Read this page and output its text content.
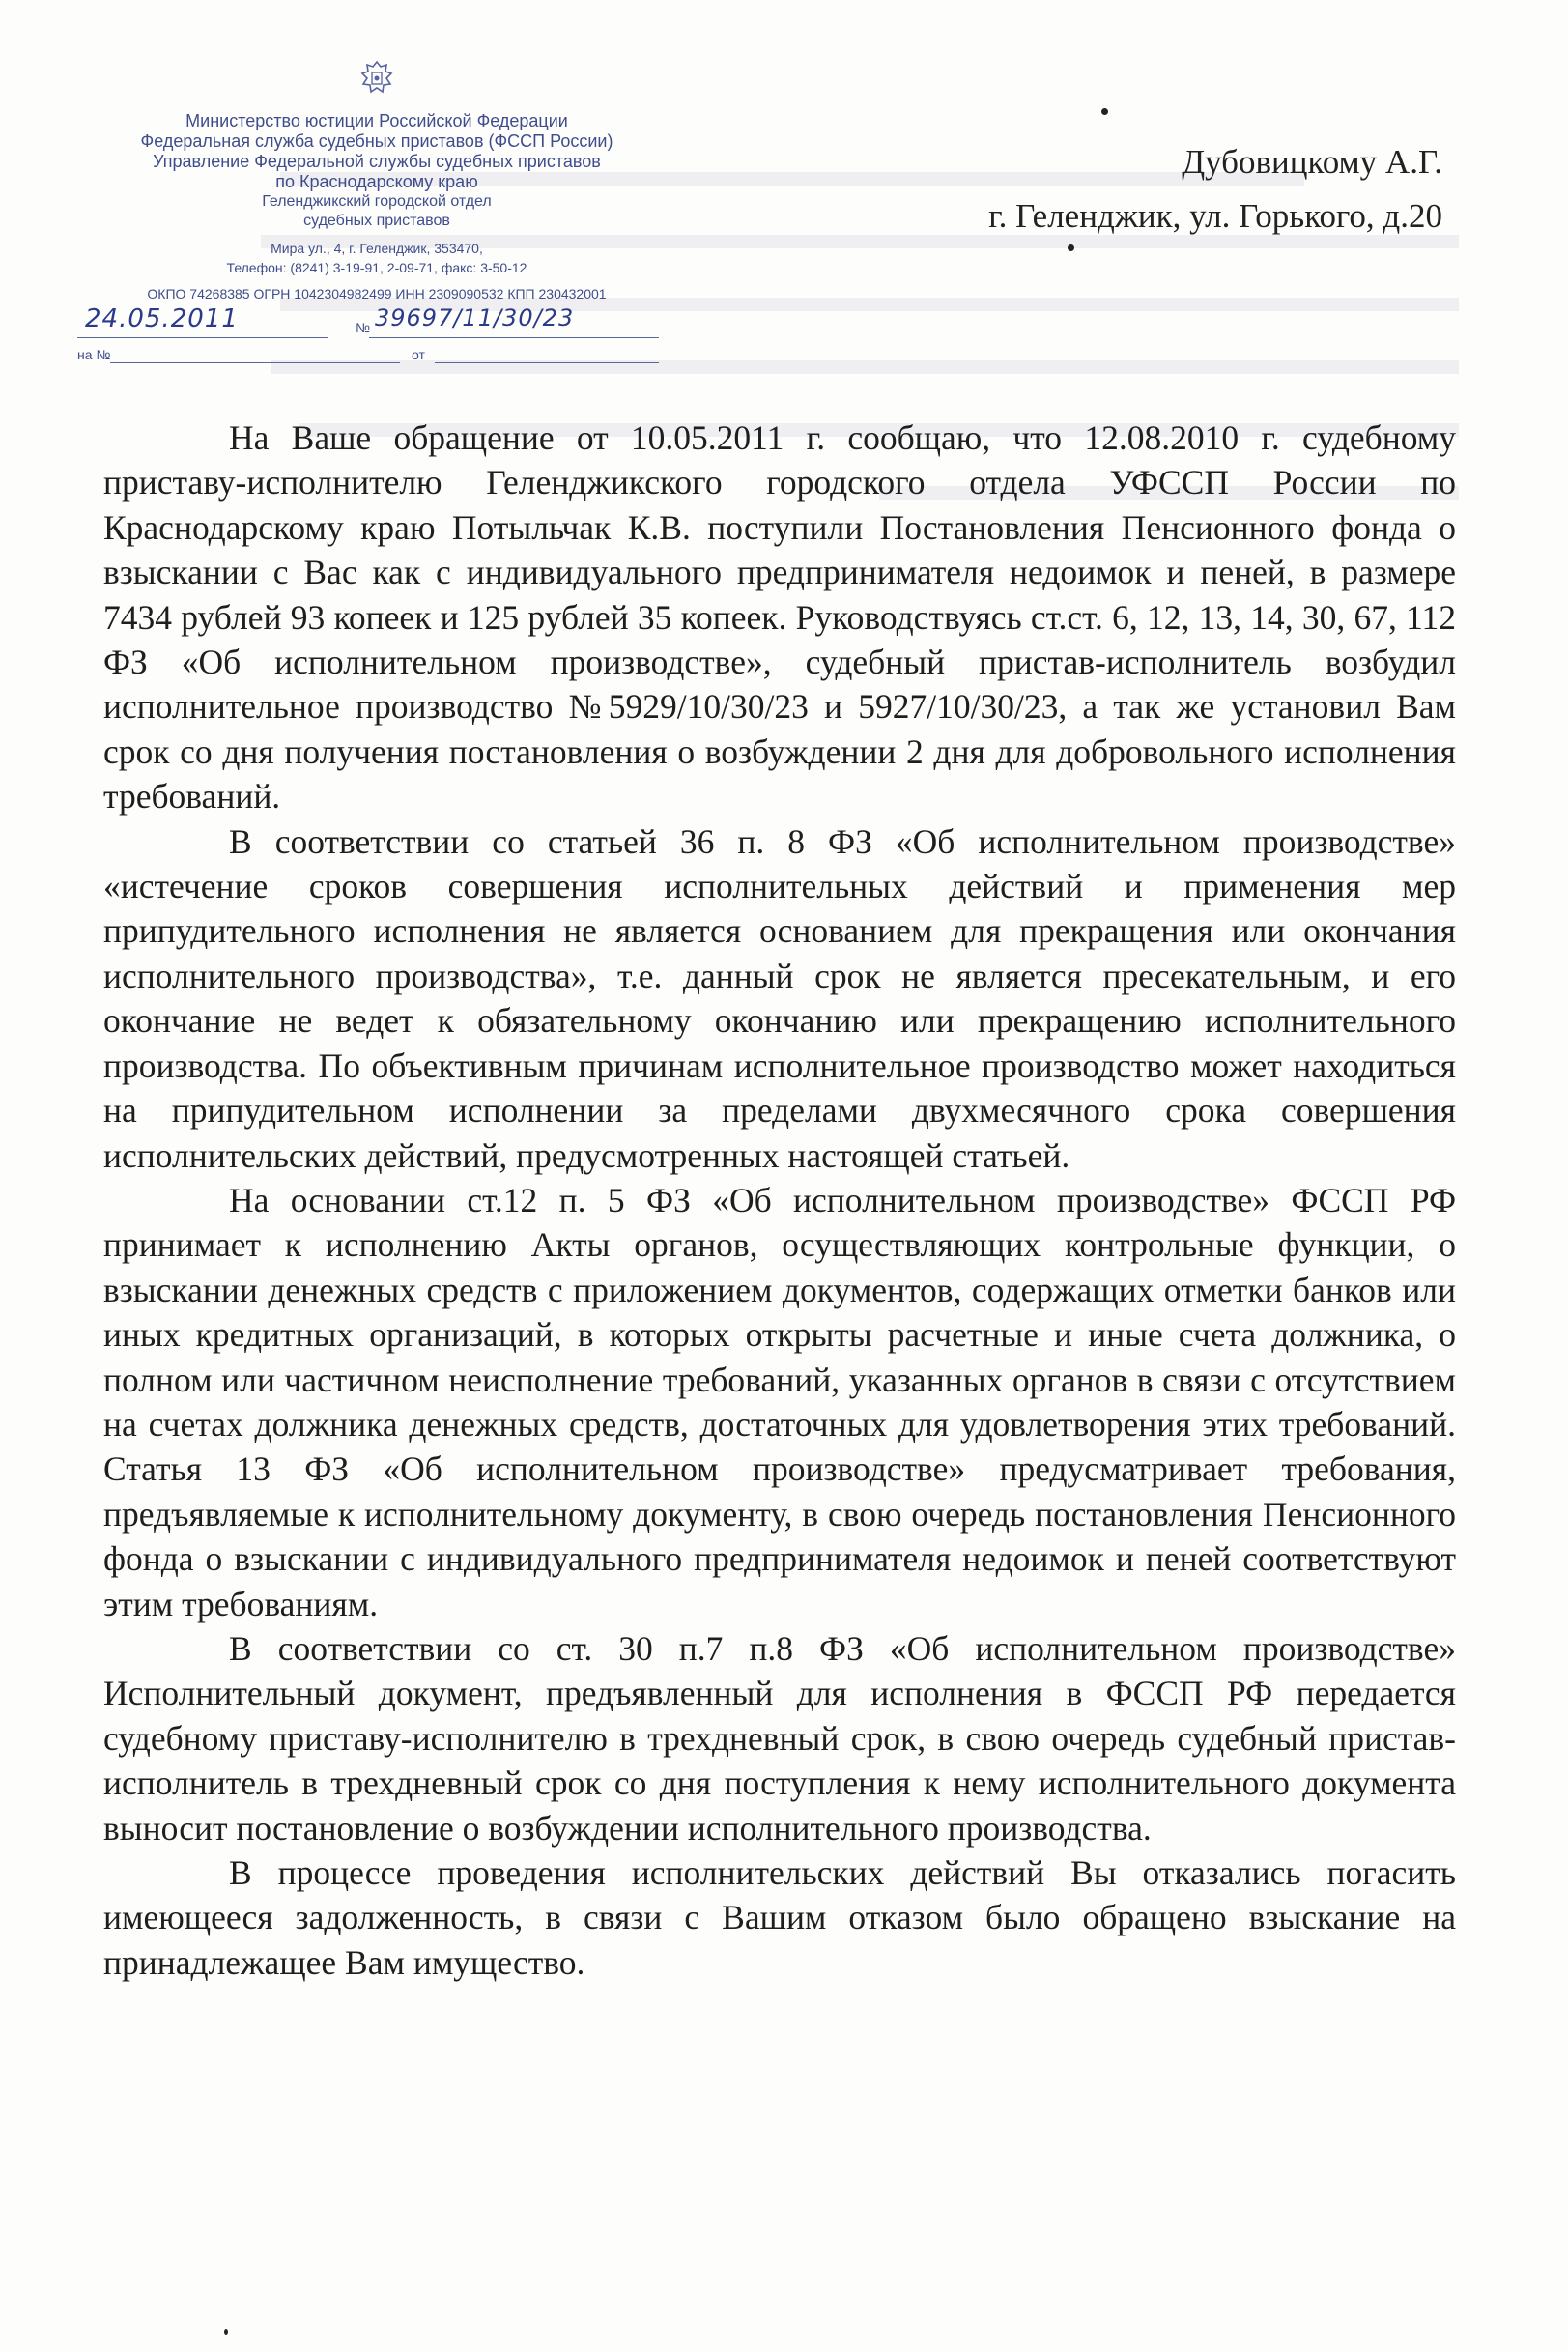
Министерство юстиции Российской Федерации
Федеральная служба судебных приставов (ФССП России)
Управление Федеральной службы судебных приставов
по Краснодарскому краю
Геленджикский городской отдел
судебных приставов
Мира ул., 4, г. Геленджик, 353470,
Телефон: (8241) 3-19-91, 2-09-71, факс: 3-50-12
ОКПО 74268385 ОГРН 1042304982499 ИНН 2309090532 КПП 230432001
24.05.2011	№ 39697/11/30/23
на №	от
Дубовицкому А.Г.
г. Геленджик, ул. Горького, д.20

На Ваше обращение от 10.05.2011 г. сообщаю, что 12.08.2010 г. судебному приставу-исполнителю Геленджикского городского отдела УФССП России по Краснодарскому краю Потыльчак К.В. поступили Постановления Пенсионного фонда о взыскании с Вас как с индивидуального предпринимателя недоимок и пеней, в размере 7434 рублей 93 копеек и 125 рублей 35 копеек. Руководствуясь ст.ст. 6, 12, 13, 14, 30, 67, 112 ФЗ «Об исполнительном производстве», судебный пристав-исполнитель возбудил исполнительное производство №5929/10/30/23 и 5927/10/30/23, а так же установил Вам срок со дня получения постановления о возбуждении 2 дня для добровольного исполнения требований.

В соответствии со статьей 36 п. 8 ФЗ «Об исполнительном производстве» «истечение сроков совершения исполнительных действий и применения мер припудительного исполнения не является основанием для прекращения или окончания исполнительного производства», т.е. данный срок не является пресекательным, и его окончание не ведет к обязательному окончанию или прекращению исполнительного производства. По объективным причинам исполнительное производство может находиться на припудительном исполнении за пределами двухмесячного срока совершения исполнительских действий, предусмотренных настоящей статьей.

На основании ст.12 п. 5 ФЗ «Об исполнительном производстве» ФССП РФ принимает к исполнению Акты органов, осуществляющих контрольные функции, о взыскании денежных средств с приложением документов, содержащих отметки банков или иных кредитных организаций, в которых открыты расчетные и иные счета должника, о полном или частичном неисполнение требований, указанных органов в связи с отсутствием на счетах должника денежных средств, достаточных для удовлетворения этих требований. Статья 13 ФЗ «Об исполнительном производстве» предусматривает требования, предъявляемые к исполнительному документу, в свою очередь постановления Пенсионного фонда о взыскании с индивидуального предпринимателя недоимок и пеней соответствуют этим требованиям.

В соответствии со ст. 30 п.7 п.8 ФЗ «Об исполнительном производстве» Исполнительный документ, предъявленный для исполнения в ФССП РФ передается судебному приставу-исполнителю в трехдневный срок, в свою очередь судебный пристав-исполнитель в трехдневный срок со дня поступления к нему исполнительного документа выносит постановление о возбуждении исполнительного производства.

В процессе проведения исполнительских действий Вы отказались погасить имеющееся задолженность, в связи с Вашим отказом было обращено взыскание на принадлежащее Вам имущество.
